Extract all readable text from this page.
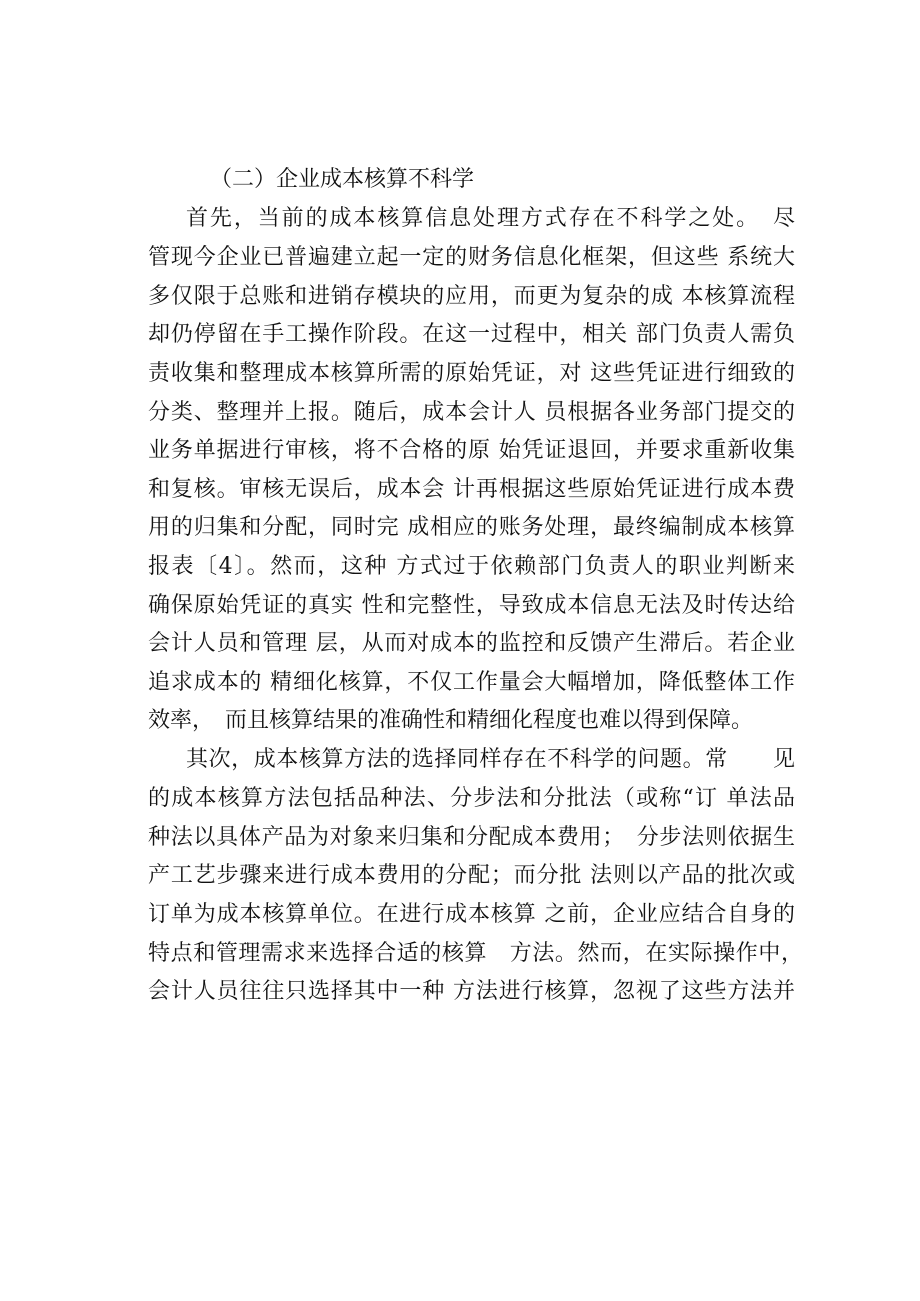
（二）企业成本核算不科学
首先，当前的成本核算信息处理方式存在不科学之处。　尽
管现今企业已普遍建立起一定的财务信息化框架，但这些 系统大
多仅限于总账和进销存模块的应用，而更为复杂的成 本核算流程
却仍停留在手工操作阶段。在这一过程中，相关 部门负责人需负
责收集和整理成本核算所需的原始凭证，对 这些凭证进行细致的
分类、整理并上报。随后，成本会计人 员根据各业务部门提交的
业务单据进行审核，将不合格的原 始凭证退回，并要求重新收集
和复核。审核无误后，成本会 计再根据这些原始凭证进行成本费
用的归集和分配，同时完 成相应的账务处理，最终编制成本核算
报表〔4〕。然而，这种 方式过于依赖部门负责人的职业判断来
确保原始凭证的真实 性和完整性，导致成本信息无法及时传达给
会计人员和管理 层，从而对成本的监控和反馈产生滞后。若企业
追求成本的 精细化核算，不仅工作量会大幅增加，降低整体工作
效率，　而且核算结果的准确性和精细化程度也难以得到保障。
其次，成本核算方法的选择同样存在不科学的问题。常　　见
的成本核算方法包括品种法、分步法和分批法（或称“订 单法品
种法以具体产品为对象来归集和分配成本费用；　分步法则依据生
产工艺步骤来进行成本费用的分配；而分批 法则以产品的批次或
订单为成本核算单位。在进行成本核算 之前，企业应结合自身的
特点和管理需求来选择合适的核算　方法。然而，在实际操作中，
会计人员往往只选择其中一种 方法进行核算，忽视了这些方法并
